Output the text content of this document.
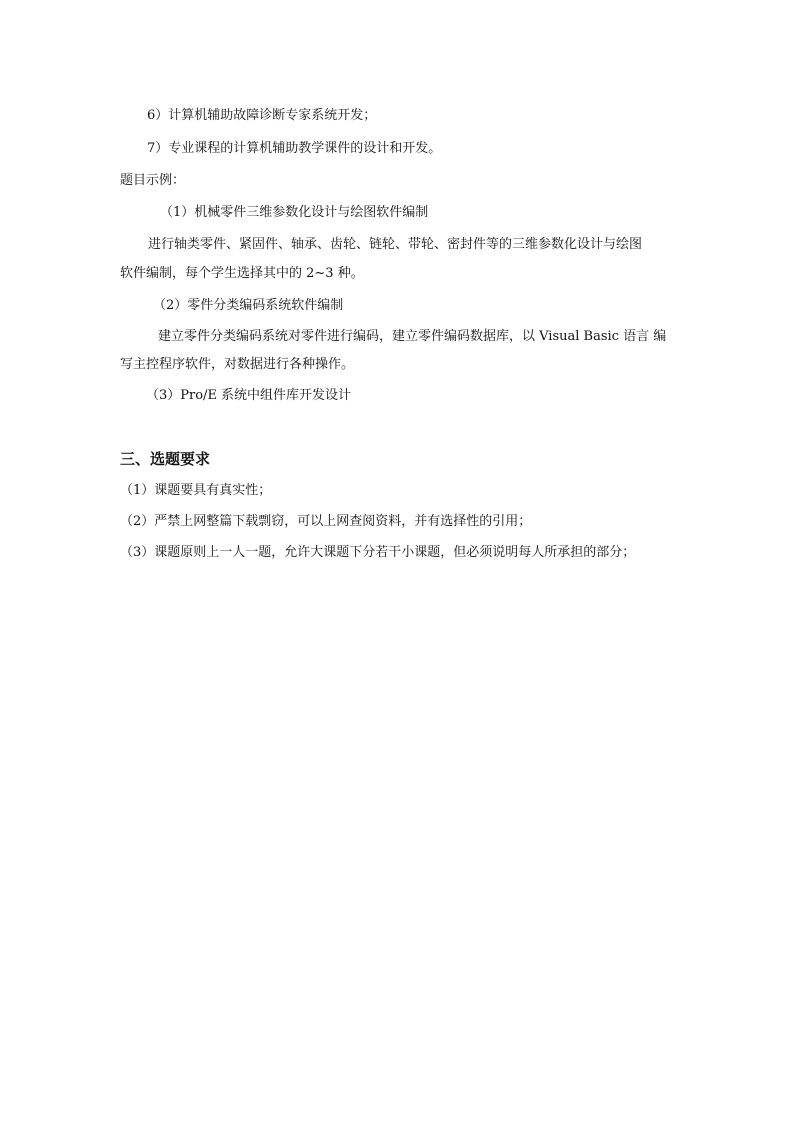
6）计算机辅助故障诊断专家系统开发；
7）专业课程的计算机辅助教学课件的设计和开发。
题目示例：
（1）机械零件三维参数化设计与绘图软件编制
进行轴类零件、紧固件、轴承、齿轮、链轮、带轮、密封件等的三维参数化设计与绘图
软件编制，每个学生选择其中的 2~3 种。
（2）零件分类编码系统软件编制
建立零件分类编码系统对零件进行编码，建立零件编码数据库，以 Visual Basic 语言 编
写主控程序软件，对数据进行各种操作。
（3）Pro/E 系统中组件库开发设计
三、选题要求
（1）课题要具有真实性；
（2）严禁上网整篇下载剽窃，可以上网查阅资料，并有选择性的引用；
（3）课题原则上一人一题，允许大课题下分若干小课题，但必须说明每人所承担的部分；
